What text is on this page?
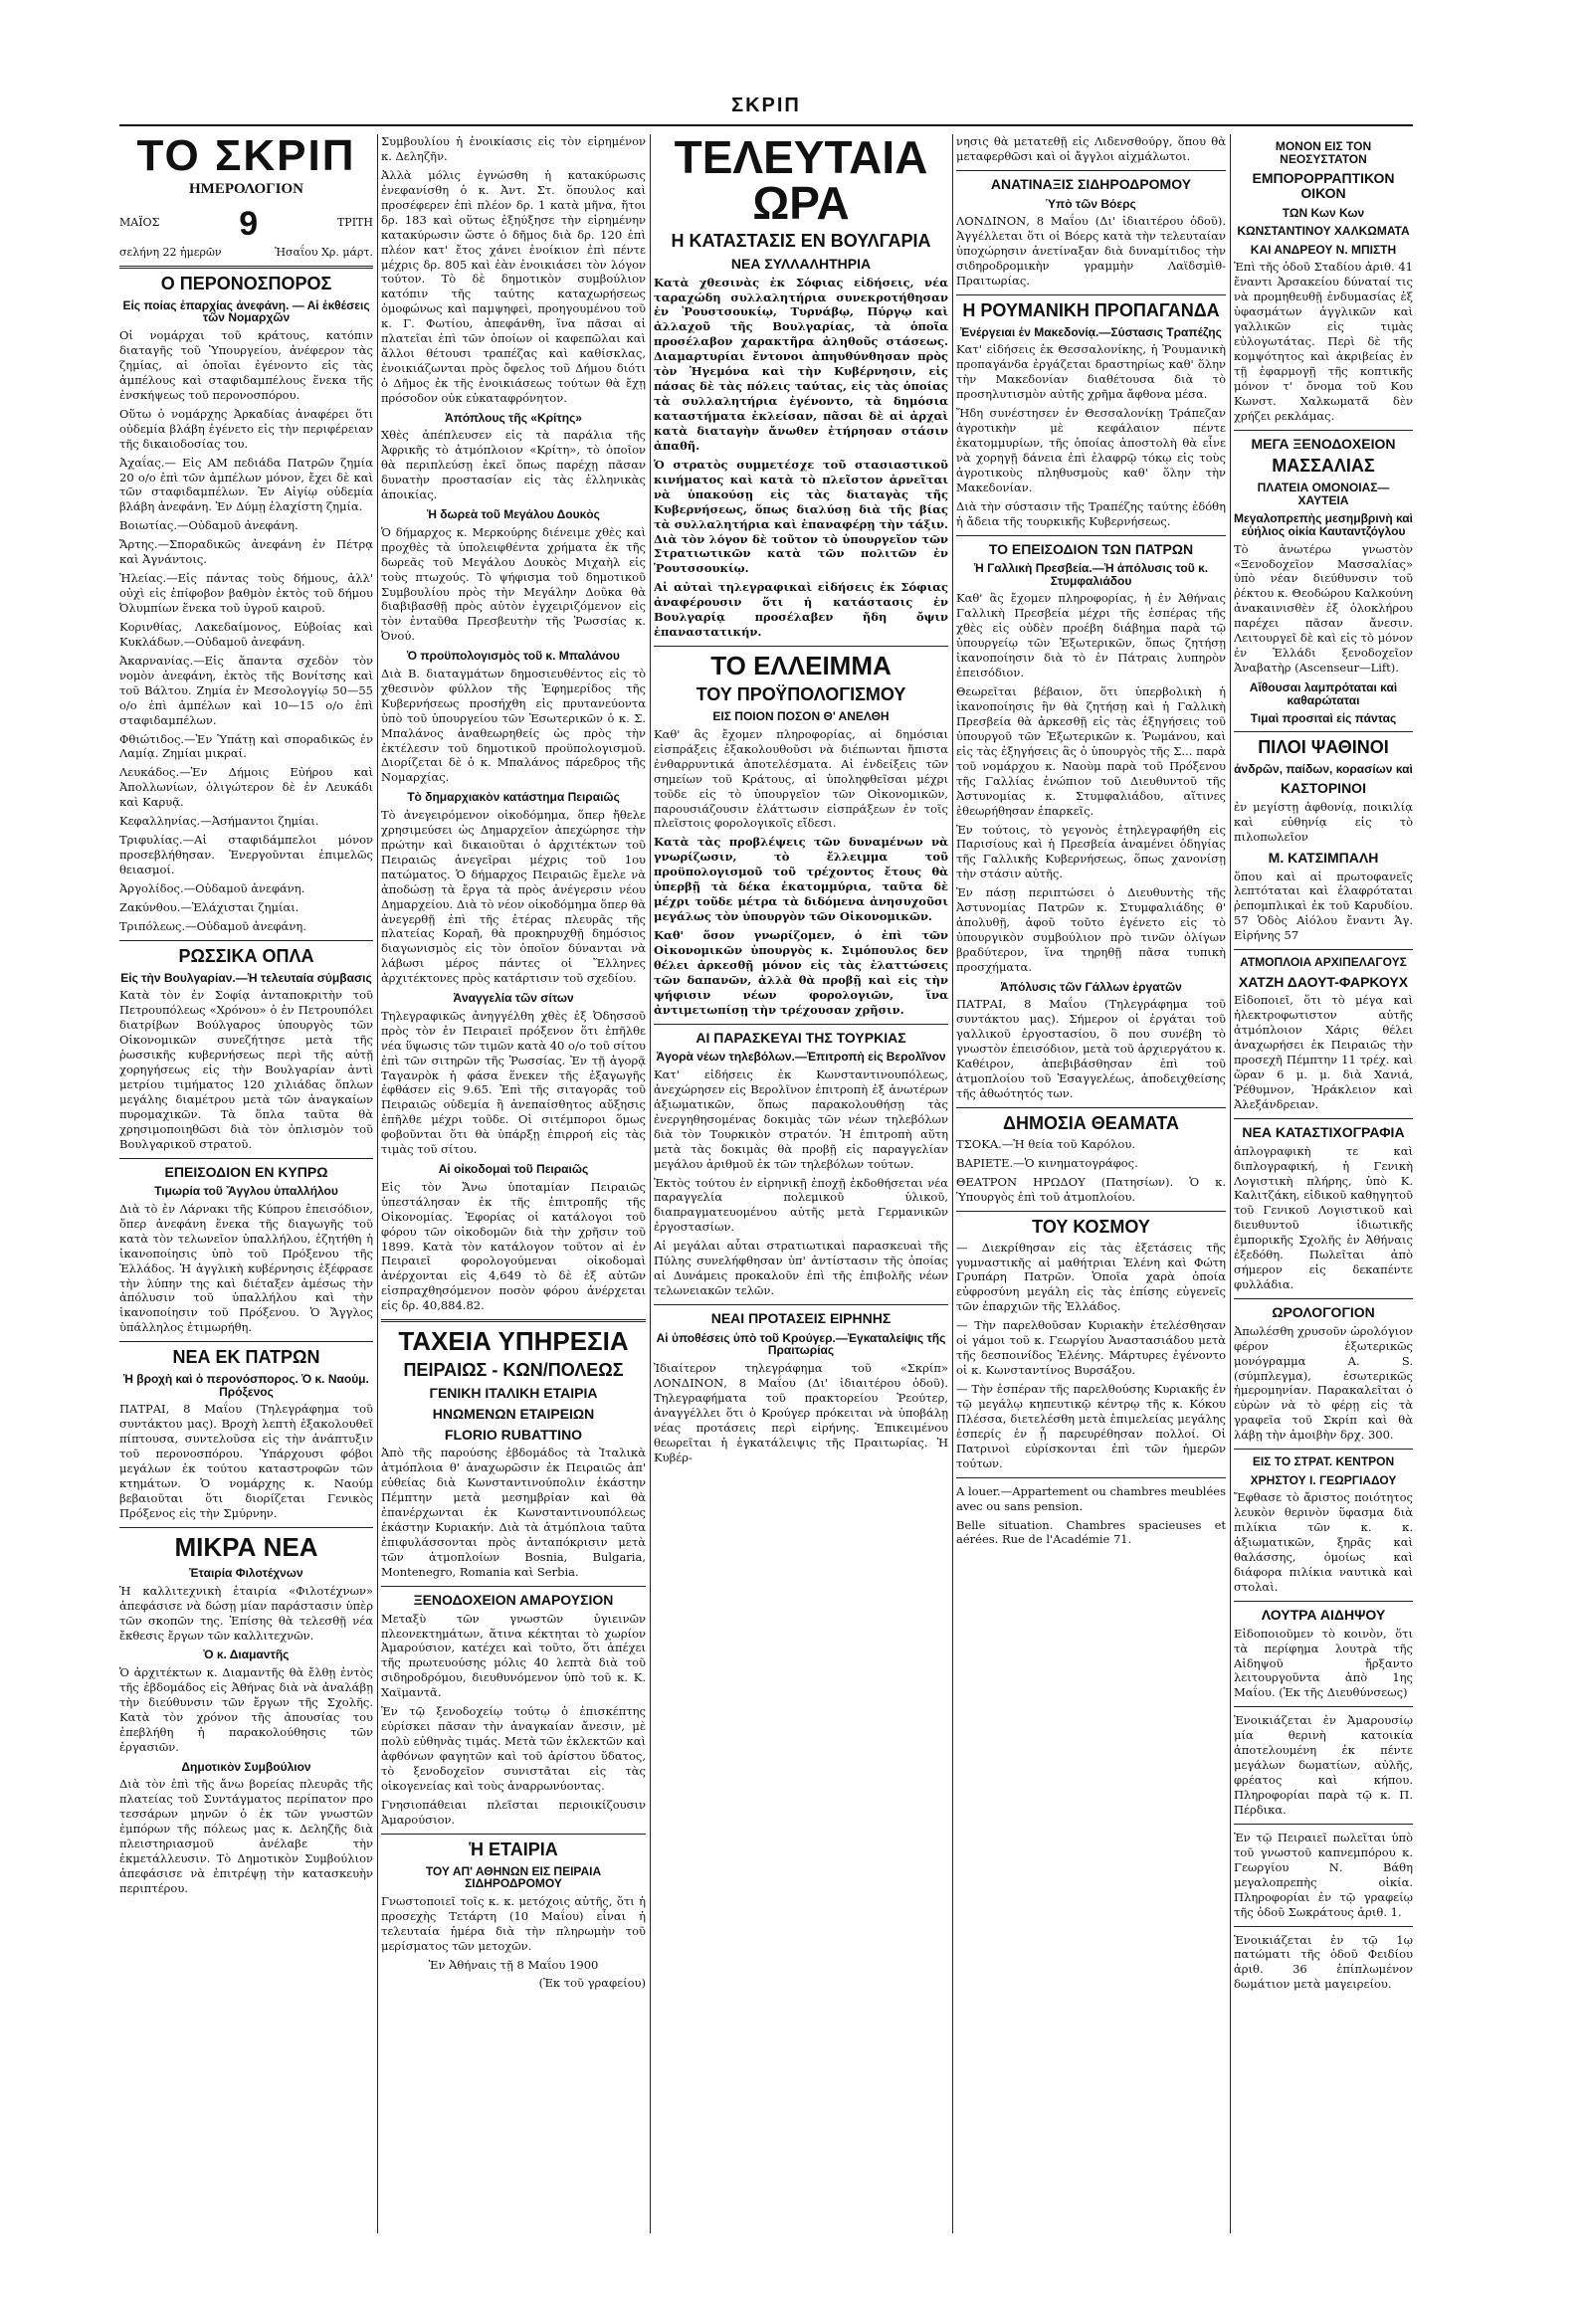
ΣΚΡΙΠ
ΤΟ ΣΚΡΙΠ
ΗΜΕΡΟΛΟΓΙΟΝ
ΜΑΪΟΣ 9	ΤΡΙΤΗ
σελήνη 22 ἡμερῶν	Ἡσαΐου Χρ. μάρτ.
Ο ΠΕΡΟΝΟΣΠΟΡΟΣ
Εἰς ποίας ἐπαρχίας ἀνεφάνη. — Αἱ ἐκθέσεις τῶν Νομαρχῶν

Οἱ νομάρχαι τοῦ κράτους, κατόπιν διαταγῆς τοῦ Ὑπουργείου, ἀνέφερον τὰς ζημίας, αἱ ὁποῖαι ἐγένοντο εἰς τὰς ἀμπέλους καὶ σταφιδαμπέλους ἕνεκα τῆς ἐνσκήψεως τοῦ περονοσπόρου.

Οὕτω ὁ νομάρχης Ἀρκαδίας ἀναφέρει ὅτι οὐδεμία βλάβη ἐγένετο εἰς τὴν περιφέρειαν τῆς δικαιοδοσίας του.

Ἀχαΐας.— Εἰς ΑΜ πεδιάδα Πατρῶν ζημία 20 ο/ο ἐπὶ τῶν ἀμπέλων μόνον, ἔχει δὲ καὶ τῶν σταφιδαμπέλων. Ἐν Αἰγίῳ οὐδεμία βλάβη ἀνεφάνη. Ἐν Δύμῃ ἐλαχίστη ζημία.

Βοιωτίας.—Οὐδαμοῦ ἀνεφάνη.

Ἄρτης.—Σποραδικῶς ἀνεφάνη ἐν Πέτρᾳ καὶ Ἀγνάντοις.

Ἠλείας.—Εἰς πάντας τοὺς δήμους, ἀλλ' οὐχὶ εἰς ἐπίφοβον βαθμὸν ἐκτὸς τοῦ δήμου Ὀλυμπίων ἕνεκα τοῦ ὑγροῦ καιροῦ.

Κορινθίας, Λακεδαίμονος, Εὐβοίας καὶ Κυκλάδων.—Οὐδαμοῦ ἀνεφάνη.

Ἀκαρνανίας.—Εἰς ἅπαντα σχεδὸν τὸν νομὸν ἀνεφάνη, ἐκτὸς τῆς Βονίτσης καὶ τοῦ Βάλτου. Ζημία ἐν Μεσολογγίῳ 50—55 ο/ο ἐπὶ ἀμπέλων καὶ 10—15 ο/ο ἐπὶ σταφιδαμπέλων.

Φθιώτιδος.—Ἐν Ὑπάτῃ καὶ σποραδικῶς ἐν Λαμίᾳ. Ζημίαι μικραί.

Λευκάδος.—Ἐν Δήμοις Εὐήρου καὶ Ἀπολλωνίων, ὀλιγώτερον δὲ ἐν Λευκάδι καὶ Καρυᾷ.

Κεφαλληνίας.—Ἀσήμαντοι ζημίαι.

Τριφυλίας.—Αἱ σταφιδάμπελοι μόνον προσεβλήθησαν. Ἐνεργοῦνται ἐπιμελῶς θειασμοί.

Ἀργολίδος.—Οὐδαμοῦ ἀνεφάνη.

Ζακύνθου.—Ἐλάχισται ζημίαι.

Τριπόλεως.—Οὐδαμοῦ ἀνεφάνη.

ΡΩΣΣΙΚΑ ΟΠΛΑ
Εἰς τὴν Βουλγαρίαν.—Ἡ τελευταία σύμβασις

Κατὰ τὸν ἐν Σοφίᾳ ἀνταποκριτὴν τοῦ Πετρουπόλεως «Χρόνου» ὁ ἐν Πετρουπόλει διατρίβων Βούλγαρος ὑπουργὸς τῶν Οἰκονομικῶν συνεζήτησε μετὰ τῆς ῥωσσικῆς κυβερνήσεως περὶ τῆς αὐτῇ χορηγήσεως εἰς τὴν Βουλγαρίαν ἀντὶ μετρίου τιμήματος 120 χιλιάδας ὅπλων μεγάλης διαμέτρου μετὰ τῶν ἀναγκαίων πυρομαχικῶν. Τὰ ὅπλα ταῦτα θὰ χρησιμοποιηθῶσι διὰ τὸν ὁπλισμὸν τοῦ Βουλγαρικοῦ στρατοῦ.

ΕΠΕΙΣΟΔΙΟΝ ΕΝ ΚΥΠΡΩ
Τιμωρία τοῦ Ἄγγλου ὑπαλλήλου

Διὰ τὸ ἐν Λάρνακι τῆς Κύπρου ἐπεισόδιον, ὅπερ ἀνεφάνη ἕνεκα τῆς διαγωγῆς τοῦ κατὰ τὸν τελωνεῖον ὑπαλλήλου, ἐζητήθη ἡ ἱκανοποίησις ὑπὸ τοῦ Πρόξενου τῆς Ἑλλάδος. Ἡ ἀγγλικὴ κυβέρνησις ἐξέφρασε τὴν λύπην της καὶ διέταξεν ἀμέσως τὴν ἀπόλυσιν τοῦ ὑπαλλήλου καὶ τὴν ἱκανοποίησιν τοῦ Πρόξενου. Ὁ Ἄγγλος ὑπάλληλος ἐτιμωρήθη.

ΝΕΑ ΕΚ ΠΑΤΡΩΝ
Ἡ βροχὴ καὶ ὁ περονόσπορος. Ὁ κ. Ναούμ. Πρόξενος

ΠΑΤΡΑΙ, 8 Μαΐου (Τηλεγράφημα τοῦ συντάκτου μας). Βροχὴ λεπτὴ ἐξακολουθεῖ πίπτουσα, συντελοῦσα εἰς τὴν ἀνάπτυξιν τοῦ περονοσπόρου. Ὑπάρχουσι φόβοι μεγάλων ἐκ τούτου καταστροφῶν τῶν κτημάτων. Ὁ νομάρχης κ. Ναούμ βεβαιοῦται ὅτι διορίζεται Γενικὸς Πρόξενος εἰς τὴν Σμύρνην.

ΜΙΚΡΑ ΝΕΑ
Ἑταιρία Φιλοτέχνων

Ἡ καλλιτεχνικὴ ἑταιρία «Φιλοτέχνων» ἀπεφάσισε νὰ δώσῃ μίαν παράστασιν ὑπὲρ τῶν σκοπῶν της. Ἐπίσης θὰ τελεσθῇ νέα ἔκθεσις ἔργων τῶν καλλιτεχνῶν.

Ὁ κ. Διαμαντῆς

Ὁ ἀρχιτέκτων κ. Διαμαντῆς θὰ ἔλθῃ ἐντὸς τῆς ἑβδομάδος εἰς Ἀθήνας διὰ νὰ ἀναλάβῃ τὴν διεύθυνσιν τῶν ἔργων τῆς Σχολῆς. Κατὰ τὸν χρόνον τῆς ἀπουσίας του ἐπεβλήθη ἡ παρακολούθησις τῶν ἐργασιῶν.

Δημοτικὸν Συμβούλιον

Διὰ τὸν ἐπὶ τῆς ἄνω βορείας πλευρᾶς τῆς πλατείας τοῦ Συντάγματος περίπατον προ τεσσάρων μηνῶν ὁ ἐκ τῶν γνωστῶν ἐμπόρων τῆς πόλεως μας κ. Δεληζῆς διὰ πλειστηριασμοῦ ἀνέλαβε τὴν ἐκμετάλλευσιν. Τὸ Δημοτικὸν Συμβούλιον ἀπεφάσισε νὰ ἐπιτρέψῃ τὴν κατασκευὴν περιπτέρου.

Συμβουλίου ἡ ἐνοικίασις εἰς τὸν εἰρημένον κ. Δεληζῆν.

Ἀλλὰ μόλις ἐγνώσθη ἡ κατακύρωσις ἐνεφανίσθη ὁ κ. Ἀντ. Στ. ὅπουλος καὶ προσέφερεν ἐπὶ πλέον δρ. 1 κατὰ μῆνα, ἤτοι δρ. 183 καὶ οὕτως ἐξηύξησε τὴν εἰρημένην κατακύρωσιν ὥστε ὁ δῆμος διὰ δρ. 120 ἐπὶ πλέον κατ' ἔτος χάνει ἐνοίκιον ἐπὶ πέντε μέχρις δρ. 805 καὶ ἐὰν ἐνοικιάσει τὸν λόγον τούτον. Τὸ δὲ δημοτικὸν συμβούλιον κατόπιν τῆς ταύτης καταχωρήσεως ὁμοφώνως καὶ παμψηφεὶ, προηγουμένου τοῦ κ. Γ. Φωτίου, ἀπεφάνθη, ἵνα πᾶσαι αἱ πλατεῖαι ἐπὶ τῶν ὁποίων οἱ καφεπῶλαι καὶ ἄλλοι θέτουσι τραπέζας καὶ καθίσκλας, ἐνοικιάζωνται πρὸς ὄφελος τοῦ Δήμου διότι ὁ Δῆμος ἐκ τῆς ἐνοικιάσεως τούτων θὰ ἔχῃ πρόσοδον οὐκ εὐκαταφρόνητον.

Ἀπόπλους τῆς «Κρίτης»

Χθὲς ἀπέπλευσεν εἰς τὰ παράλια τῆς Ἀφρικῆς τὸ ἀτμόπλοιον «Κρίτη», τὸ ὁποῖον θὰ περιπλεύσῃ ἐκεῖ ὅπως παρέχῃ πᾶσαν δυνατὴν προστασίαν εἰς τὰς ἑλληνικὰς ἀποικίας.

Ἡ δωρεὰ τοῦ Μεγάλου Δουκὸς

Ὁ δήμαρχος κ. Μερκούρης διένειμε χθὲς καὶ προχθὲς τὰ ὑπολειφθέντα χρήματα ἐκ τῆς δωρεᾶς τοῦ Μεγάλου Δουκὸς Μιχαὴλ εἰς τοὺς πτωχούς. Τὸ ψήφισμα τοῦ δημοτικοῦ Συμβουλίου πρὸς τὴν Μεγάλην Δοῦκα θὰ διαβιβασθῇ πρὸς αὐτὸν ἐγχειριζόμενον εἰς τὸν ἐνταῦθα Πρεσβευτὴν τῆς Ῥωσσίας κ. Ὀνού.

Ὁ προϋπολογισμὸς τοῦ κ. Μπαλάνου

Διὰ Β. διαταγμάτων δημοσιευθέντος εἰς τὸ χθεσινὸν φύλλον τῆς Ἐφημερίδος τῆς Κυβερνήσεως προσήχθη εἰς πρυτανεύοντα ὑπὸ τοῦ ὑπουργείου τῶν Ἐσωτερικῶν ὁ κ. Σ. Μπαλάνος ἀναθεωρηθείς ὡς πρὸς τὴν ἐκτέλεσιν τοῦ δημοτικοῦ προϋπολογισμοῦ. Διορίζεται δὲ ὁ κ. Μπαλάνος πάρεδρος τῆς Νομαρχίας.

Τὸ δημαρχιακὸν κατάστημα Πειραιῶς

Τὸ ἀνεγειρόμενον οἰκοδόμημα, ὅπερ ἤθελε χρησιμεύσει ὡς Δημαρχεῖον ἀπεχώρησε τὴν πρώτην καὶ δικαιοῦται ὁ ἀρχιτέκτων τοῦ Πειραιῶς ἀνεγεῖραι μέχρις τοῦ 1ου πατώματος. Ὁ δήμαρχος Πειραιῶς ἔμελε νὰ ἀποδώσῃ τὰ ἔργα τὰ πρὸς ἀνέγερσιν νέου Δημαρχείου. Διὰ τὸ νέον οἰκοδόμημα ὅπερ θὰ ἀνεγερθῇ ἐπὶ τῆς ἐτέρας πλευρᾶς τῆς πλατείας Κοραῆ, θὰ προκηρυχθῇ δημόσιος διαγωνισμὸς εἰς τὸν ὁποῖον δύνανται νὰ λάβωσι μέρος πάντες οἱ Ἕλληνες ἀρχιτέκτονες πρὸς κατάρτισιν τοῦ σχεδίου.

Ἀναγγελία τῶν σίτων

Τηλεγραφικῶς ἀνηγγέλθη χθὲς ἐξ Ὀδησσοῦ πρὸς τὸν ἐν Πειραιεῖ πρόξενον ὅτι ἐπῆλθε νέα ὕψωσις τῶν τιμῶν κατὰ 40 ο/ο τοῦ σίτου ἐπὶ τῶν σιτηρῶν τῆς Ῥωσσίας. Ἐν τῇ ἀγορᾷ Ταγανρὸκ ἡ φάσα ἕνεκεν τῆς ἐξαγωγῆς ἐφθάσεν εἰς 9.65. Ἐπὶ τῆς σιταγορᾶς τοῦ Πειραιῶς οὐδεμία ἢ ἀνεπαίσθητος αὔξησις ἐπῆλθε μέχρι τοῦδε. Οἱ σιτέμποροι ὅμως φοβοῦνται ὅτι θὰ ὑπάρξῃ ἐπιρροή εἰς τὰς τιμὰς τοῦ σίτου.

Αἱ οἰκοδομαὶ τοῦ Πειραιῶς

Εἰς τὸν Ἄνω ὑποταμίαν Πειραιῶς ὑπεστάλησαν ἐκ τῆς ἐπιτροπῆς τῆς Οἰκονομίας. Ἐφορίας οἱ κατάλογοι τοῦ φόρου τῶν οἰκοδομῶν διὰ τὴν χρῆσιν τοῦ 1899. Κατὰ τὸν κατάλογον τοῦτον αἱ ἐν Πειραιεῖ φορολογούμεναι οἰκοδομαὶ ἀνέρχονται εἰς 4,649 τὸ δὲ ἐξ αὐτῶν εἰσπραχθησόμενον ποσὸν φόρου ἀνέρχεται εἰς δρ. 40,884.82.

ΤΑΧΕΙΑ ΥΠΗΡΕΣΙΑ
ΠΕΙΡΑΙΩΣ - ΚΩΝ/ΠΟΛΕΩΣ
ΓΕΝΙΚΗ ΙΤΑΛΙΚΗ ΕΤΑΙΡΙΑ
ΗΝΩΜΕΝΩΝ ΕΤΑΙΡΕΙΩΝ
FLORIO RUBATTINO

Ἀπὸ τῆς παρούσης ἑβδομάδος τὰ Ἰταλικὰ ἀτμόπλοια θ' ἀναχωρῶσιν ἐκ Πειραιῶς ἀπ' εὐθείας διὰ Κωνσταντινούπολιν ἑκάστην Πέμπτην μετὰ μεσημβρίαν καὶ θὰ ἐπανέρχωνται ἐκ Κωνσταντινουπόλεως ἑκάστην Κυριακήν. Διὰ τὰ ἀτμόπλοια ταῦτα ἐπιφυλάσσονται πρὸς ἀνταπόκρισιν μετὰ τῶν ἀτμοπλοίων Bosnia, Bulgaria, Montenegro, Romania καὶ Serbia.

ΞΕΝΟΔΟΧΕΙΟΝ ΑΜΑΡΟΥΣΙΟΝ

Μεταξὺ τῶν γνωστῶν ὑγιεινῶν πλεονεκτημάτων, ἅτινα κέκτηται τὸ χωρίον Ἀμαρούσιον, κατέχει καὶ τοῦτο, ὅτι ἀπέχει τῆς πρωτευούσης μόλις 40 λεπτὰ διὰ τοῦ σιδηροδρόμου, διευθυνόμενον ὑπὸ τοῦ κ. Κ. Χαϊμαντᾶ.

Ἐν τῷ ξενοδοχείῳ τούτῳ ὁ ἐπισκέπτης εὑρίσκει πᾶσαν τὴν ἀναγκαίαν ἄνεσιν, μὲ πολὺ εὐθηνὰς τιμάς. Μετὰ τῶν ἐκλεκτῶν καὶ ἀφθόνων φαγητῶν καὶ τοῦ ἀρίστου ὕδατος, τὸ ξενοδοχεῖον συνιστᾶται εἰς τὰς οἰκογενείας καὶ τοὺς ἀναρρωνύοντας.

Γνησιοπάθειαι πλεῖσται περιοικίζουσιν Ἀμαρούσιον.

Ἡ ΕΤΑΙΡΙΑ
ΤΟΥ ΑΠ' ΑΘΗΝΩΝ ΕΙΣ ΠΕΙΡΑΙΑ ΣΙΔΗΡΟΔΡΟΜΟΥ

Γνωστοποιεῖ τοῖς κ. κ. μετόχοις αὐτῆς, ὅτι ἡ προσεχὴς Τετάρτη (10 Μαΐου) εἶναι ἡ τελευταία ἡμέρα διὰ τὴν πληρωμὴν τοῦ μερίσματος τῶν μετοχῶν.

Ἐν Ἀθήναις τῇ 8 Μαΐου 1900

(Ἐκ τοῦ γραφείου)

ΤΕΛΕΥΤΑΙΑ ΩΡΑ
Η ΚΑΤΑΣΤΑΣΙΣ ΕΝ ΒΟΥΛΓΑΡΙΑ
ΝΕΑ ΣΥΛΛΑΛΗΤΗΡΙΑ

Κατὰ χθεσινὰς ἐκ Σόφιας εἰδήσεις, νέα ταραχώδη συλλαλητήρια συνεκροτήθησαν ἐν Ῥουστσουκίῳ, Τυρνάβῳ, Πύργῳ καὶ ἀλλαχοῦ τῆς Βουλγαρίας, τὰ ὁποῖα προσέλαβον χαρακτῆρα ἀληθοῦς στάσεως. Διαμαρτυρίαι ἔντονοι ἀπηυθύνθησαν πρὸς τὸν Ἡγεμόνα καὶ τὴν Κυβέρνησιν, εἰς πάσας δὲ τὰς πόλεις ταύτας, εἰς τὰς ὁποίας τὰ συλλαλητήρια ἐγένοντο, τὰ δημόσια καταστήματα ἐκλείσαν, πᾶσαι δὲ αἱ ἀρχαὶ κατὰ διαταγὴν ἄνωθεν ἐτήρησαν στάσιν ἀπαθῆ.

Ὁ στρατὸς συμμετέσχε τοῦ στασιαστικοῦ κινήματος καὶ κατὰ τὸ πλεῖστον ἀρνεῖται νὰ ὑπακούσῃ εἰς τὰς διαταγὰς τῆς Κυβερνήσεως, ὅπως διαλύσῃ διὰ τῆς βίας τὰ συλλαλητήρια καὶ ἐπαναφέρῃ τὴν τάξιν. Διὰ τὸν λόγον δὲ τοῦτον τὸ ὑπουργεῖον τῶν Στρατιωτικῶν κατὰ τῶν πολιτῶν ἐν Ῥουτσσουκίῳ.

Αἱ αὐταὶ τηλεγραφικαὶ εἰδήσεις ἐκ Σόφιας ἀναφέρουσιν ὅτι ἡ κατάστασις ἐν Βουλγαρίᾳ προσέλαβεν ἤδη ὄψιν ἐπαναστατικήν.

ΤΟ ΕΛΛΕΙΜΜΑ
ΤΟΥ ΠΡΟΫΠΟΛΟΓΙΣΜΟΥ
ΕΙΣ ΠΟΙΟΝ ΠΟΣΟΝ Θ' ΑΝΕΛΘΗ

Καθ' ἃς ἔχομεν πληροφορίας, αἱ δημόσιαι εἰσπράξεις ἐξακολουθοῦσι νὰ διέπωνται ἤπιστα ἐνθαρρυντικά ἀποτελέσματα. Αἱ ἐνδείξεις τῶν σημείων τοῦ Κράτους, αἱ ὑποληφθεῖσαι μέχρι τοῦδε εἰς τὸ ὑπουργεῖον τῶν Οἰκονομικῶν, παρουσιάζουσιν ἐλάττωσιν εἰσπράξεων ἐν τοῖς πλεῖστοις φορολογικοῖς εἴδεσι.

Κατὰ τὰς προβλέψεις τῶν δυναμένων νὰ γνωρίζωσιν, τὸ ἔλλειμμα τοῦ προϋπολογισμοῦ τοῦ τρέχοντος ἔτους θὰ ὑπερβῇ τὰ δέκα ἑκατομμύρια, ταῦτα δὲ μέχρι τοῦδε μέτρα τὰ διδόμενα ἀνησυχοῦσι μεγάλως τὸν ὑπουργὸν τῶν Οἰκονομικῶν.

Καθ' ὅσον γνωρίζομεν, ὁ ἐπὶ τῶν Οἰκονομικῶν ὑπουργὸς κ. Σιμόπουλος δεν θέλει ἀρκεσθῇ μόνον εἰς τὰς ἐλαττώσεις τῶν δαπανῶν, ἀλλὰ θὰ προβῇ καὶ εἰς τὴν ψήφισιν νέων φορολογιῶν, ἵνα ἀντιμετωπίσῃ τὴν τρέχουσαν χρῆσιν.

ΑΙ ΠΑΡΑΣΚΕΥΑΙ ΤΗΣ ΤΟΥΡΚΙΑΣ
Ἀγορὰ νέων τηλεβόλων.—Ἐπιτροπὴ εἰς Βερολῖνον

Κατ' εἰδήσεις ἐκ Κωνσταντινουπόλεως, ἀνεχώρησεν εἰς Βερολῖνον ἐπιτροπὴ ἐξ ἀνωτέρων ἀξιωματικῶν, ὅπως παρακολουθήσῃ τὰς ἐνεργηθησομένας δοκιμὰς τῶν νέων τηλεβόλων διὰ τὸν Τουρκικὸν στρατόν. Ἡ ἐπιτροπὴ αὕτη μετὰ τὰς δοκιμὰς θὰ προβῇ εἰς παραγγελίαν μεγάλου ἀριθμοῦ ἐκ τῶν τηλεβόλων τούτων.

Ἐκτὸς τούτου ἐν εἰρηνικῇ ἐποχῇ ἐκδοθήσεται νέα παραγγελία πολεμικοῦ ὑλικοῦ, διαπραγματευομένου αὐτῆς μετὰ Γερμανικῶν ἐργοστασίων.

Αἱ μεγάλαι αὗται στρατιωτικαὶ παρασκευαὶ τῆς Πύλης συνελήφθησαν ὑπ' ἀντίστασιν τῆς ὁποίας αἱ Δυνάμεις προκαλοῦν ἐπὶ τῆς ἐπιβολῆς νέων τελωνειακῶν τελῶν.

ΝΕΑΙ ΠΡΟΤΑΣΕΙΣ ΕΙΡΗΝΗΣ
Αἱ ὑποθέσεις ὑπὸ τοῦ Κρούγερ.—Ἐγκαταλείψις τῆς Πραιτωρίας

Ἰδιαίτερον τηλεγράφημα τοῦ «Σκρίπ» ΛΟΝΔΙΝΟΝ, 8 Μαΐου (Δι' ἰδιαιτέρου ὁδοῦ). Τηλεγραφήματα τοῦ πρακτορείου Ῥεούτερ, ἀναγγέλλει ὅτι ὁ Κρούγερ πρόκειται νὰ ὑποβάλῃ νέας προτάσεις περὶ εἰρήνης. Ἐπικειμένου θεωρεῖται ἡ ἐγκατάλειψις τῆς Πραιτωρίας. Ἡ Κυβέρ-

νησις θὰ μετατεθῇ εἰς Λιδενσθούργ, ὅπου θὰ μεταφερθῶσι καὶ οἱ ἄγγλοι αἰχμάλωτοι.

ΑΝΑΤΙΝΑΞΙΣ ΣΙΔΗΡΟΔΡΟΜΟΥ
Ὑπὸ τῶν Βόερς

ΛΟΝΔΙΝΟΝ, 8 Μαΐου (Δι' ἰδιαιτέρου ὁδοῦ). Ἀγγέλλεται ὅτι οἱ Βόερς κατὰ τὴν τελευταίαν ὑποχώρησιν ἀνετίναξαν διὰ δυναμίτιδος τὴν σιδηροδρομικὴν γραμμὴν Λαϊδσμὶθ-Πραιτωρίας.

Η ΡΟΥΜΑΝΙΚΗ ΠΡΟΠΑΓΑΝΔΑ
Ἐνέργειαι ἐν Μακεδονίᾳ.—Σύστασις Τραπέζης

Κατ' εἰδήσεις ἐκ Θεσσαλονίκης, ἡ Ῥουμανικὴ προπαγάνδα ἐργάζεται δραστηρίως καθ' ὅλην τὴν Μακεδονίαν διαθέτουσα διὰ τὸ προσηλυτισμὸν αὐτῆς χρῆμα ἄφθονα μέσα.

Ἤδη συνέστησεν ἐν Θεσσαλονίκῃ Τράπεζαν ἀγροτικὴν μὲ κεφάλαιον πέντε ἑκατομμυρίων, τῆς ὁποίας ἀποστολὴ θὰ εἶνε νὰ χορηγῇ δάνεια ἐπὶ ἐλαφρῷ τόκῳ εἰς τοὺς ἀγροτικοὺς πληθυσμοὺς καθ' ὅλην τὴν Μακεδονίαν.

Διὰ τὴν σύστασιν τῆς Τραπέζης ταύτης ἐδόθη ἡ ἄδεια τῆς τουρκικῆς Κυβερνήσεως.

ΤΟ ΕΠΕΙΣΟΔΙΟΝ ΤΩΝ ΠΑΤΡΩΝ
Ἡ Γαλλικὴ Πρεσβεία.—Ἡ ἀπόλυσις τοῦ κ. Στυμφαλιάδου

Καθ' ἃς ἔχομεν πληροφορίας, ἡ ἐν Ἀθήναις Γαλλικὴ Πρεσβεία μέχρι τῆς ἑσπέρας τῆς χθὲς εἰς οὐδὲν προέβη διάβημα παρὰ τῷ ὑπουργείῳ τῶν Ἐξωτερικῶν, ὅπως ζητήσῃ ἱκανοποίησιν διὰ τὸ ἐν Πάτραις λυπηρὸν ἐπεισόδιον.

Θεωρεῖται βέβαιον, ὅτι ὑπερβολικὴ ἡ ἱκανοποίησις ἣν θὰ ζητήσῃ καὶ ἡ Γαλλικὴ Πρεσβεία θὰ ἀρκεσθῇ εἰς τὰς ἐξηγήσεις τοῦ ὑπουργοῦ τῶν Ἐξωτερικῶν κ. Ῥωμάνου, καὶ εἰς τὰς ἐξηγήσεις ἃς ὁ ὑπουργὸς τῆς Σ... παρὰ τοῦ νομάρχου κ. Ναοὺμ παρὰ τοῦ Πρόξενου τῆς Γαλλίας ἐνώπιον τοῦ Διευθυντοῦ τῆς Ἀστυνομίας κ. Στυμφαλιάδου, αἵτινες ἐθεωρήθησαν ἐπαρκεῖς.

Ἐν τούτοις, τὸ γεγονὸς ἐτηλεγραφήθη εἰς Παρισίους καὶ ἡ Πρεσβεία ἀναμένει ὁδηγίας τῆς Γαλλικῆς Κυβερνήσεως, ὅπως χανονίσῃ τὴν στάσιν αὐτῆς.

Ἐν πάσῃ περιπτώσει ὁ Διευθυντὴς τῆς Ἀστυνομίας Πατρῶν κ. Στυμφαλιάδης θ' ἀπολυθῇ, ἀφοῦ τοῦτο ἐγένετο εἰς τὸ ὑπουργικὸν συμβούλιον πρὸ τινῶν ὀλίγων βραδύτερον, ἵνα τηρηθῇ πᾶσα τυπικὴ προσχήματα.

Ἀπόλυσις τῶν Γάλλων ἐργατῶν

ΠΑΤΡΑΙ, 8 Μαΐου (Τηλεγράφημα τοῦ συντάκτου μας). Σήμερον οἱ ἐργάται τοῦ γαλλικοῦ ἐργοστασίου, ὃ που συνέβη τὸ γνωστὸν ἐπεισόδιον, μετὰ τοῦ ἀρχιεργάτου κ. Καθέιρον, ἀπεβιβάσθησαν ἐπὶ τοῦ ἀτμοπλοίου τοῦ Ἐσαγγελέως, ἀποδειχθείσης τῆς ἀθωότητός των.

ΔΗΜΟΣΙΑ ΘΕΑΜΑΤΑ

ΤΣΟΚΑ.—Ἡ θεία τοῦ Καρόλου.

ΒΑΡΙΕΤΕ.—Ὁ κινηματογράφος.

ΘΕΑΤΡΟΝ ΗΡΩΔΟΥ (Πατησίων). Ὁ κ. Ὑπουργὸς ἐπὶ τοῦ ἀτμοπλοίου.

ΤΟΥ ΚΟΣΜΟΥ

— Διεκρίθησαν εἰς τὰς ἐξετάσεις τῆς γυμναστικῆς αἱ μαθήτριαι Ἑλένη καὶ Φώτη Γρυπάρη Πατρῶν. Ὁποῖα χαρὰ ὁποία εὐφροσύνη μεγάλη εἰς τὰς ἐπίσης εὐγενεῖς τῶν ἐπαρχιῶν τῆς Ἑλλάδος.

— Τὴν παρελθοῦσαν Κυριακὴν ἐτελέσθησαν οἱ γάμοι τοῦ κ. Γεωργίου Ἀναστασιάδου μετὰ τῆς δεσποινίδος Ἑλένης. Μάρτυρες ἐγένοντο οἱ κ. Κωνσταντίνος Βυρσάξου.

— Τὴν ἐσπέραν τῆς παρελθούσης Κυριακῆς ἐν τῷ μεγάλῳ κηπευτικῷ κέντρῳ τῆς κ. Κόκου Πλέσσα, διετελέσθη μετὰ ἐπιμελείας μεγάλης ἑσπερίς ἐν ᾗ παρευρέθησαν πολλοί. Οἱ Πατρινοὶ εὐρίσκονται ἐπὶ τῶν ἡμερῶν τούτων.

A louer.—Appartement ou chambres meublées avec ou sans pension.

Belle situation. Chambres spacieuses et aérées. Rue de l'Académie 71.

ΜΟΝΟΝ ΕΙΣ ΤΟΝ ΝΕΟΣΥΣΤΑΤΟΝ
ΕΜΠΟΡΟΡΡΑΠΤΙΚΟΝ ΟΙΚΟΝ
ΤΩΝ Κων Κων
ΚΩΝΣΤΑΝΤΙΝΟΥ ΧΑΛΚΩΜΑΤΑ
ΚΑΙ ΑΝΔΡΕΟΥ Ν. ΜΠΙΣΤΗ

Ἐπὶ τῆς ὁδοῦ Σταδίου ἀριθ. 41 ἔναντι Ἀρσακείου δύναταί τις νὰ προμηθευθῇ ἐνδυμασίας ἐξ ὑφασμάτων ἀγγλικῶν καὶ γαλλικῶν εἰς τιμὰς εὐλογωτάτας. Περὶ δὲ τῆς κομψότητος καὶ ἀκριβείας ἐν τῇ ἐφαρμογῇ τῆς κοπτικῆς μόνον τ' ὄνομα τοῦ Κου Κωνστ. Χαλκωματᾶ δὲν χρήζει ρεκλάμας.

ΜΕΓΑ ΞΕΝΟΔΟΧΕΙΟΝ
ΜΑΣΣΑΛΙΑΣ
ΠΛΑΤΕΙΑ ΟΜΟΝΟΙΑΣ—ΧΑΥΤΕΙΑ
Μεγαλοπρεπὴς μεσημβρινὴ καὶ εὐήλιος οἰκία Καυταντζόγλου

Τὸ ἀνωτέρω γνωστὸν «Ξενοδοχεῖον Μασσαλίας» ὑπὸ νέαν διεύθυνσιν τοῦ ῥέκτου κ. Θεοδώρου Καλκούνη ἀνακαινισθὲν ἐξ ὁλοκλήρου παρέχει πᾶσαν ἄνεσιν. Λειτουργεῖ δὲ καὶ εἰς τὸ μόνον ἐν Ἑλλάδι ξενοδοχεῖον Ἀναβατὴρ (Ascenseur—Lift).

Αἴθουσαι λαμπρόταται καὶ καθαρώταται
Τιμαὶ προσιταὶ εἰς πάντας
ΠΙΛΟΙ ΨΑΘΙΝΟΙ
ἀνδρῶν, παίδων, κορασίων καὶ
ΚΑΣΤΟΡΙΝΟΙ

ἐν μεγίστῃ ἀφθονίᾳ, ποικιλίᾳ καὶ εὐθηνίᾳ εἰς τὸ πιλοπωλεῖον

Μ. ΚΑΤΣΙΜΠΑΛΗ

ὅπου καὶ αἱ πρωτοφανεῖς λεπτόταται καὶ ἐλαφρόταται ῥεπομπλικαὶ ἐκ τοῦ Καρυδίου. 57 Ὁδὸς Αἰόλου ἔναντι Ἁγ. Εἰρήνης 57

ΑΤΜΟΠΛΟΙΑ ΑΡΧΙΠΕΛΑΓΟΥΣ
ΧΑΤΖΗ ΔΑΟΥΤ-ΦΑΡΚΟΥΧ

Εἰδοποιεῖ, ὅτι τὸ μέγα καὶ ἠλεκτροφωτιστον αὐτῆς ἀτμόπλοιον Χάρις θέλει ἀναχωρήσει ἐκ Πειραιῶς τὴν προσεχῆ Πέμπτην 11 τρέχ. καὶ ὥραν 6 μ. μ. διὰ Χανιά, Ῥέθυμνον, Ἡράκλειον καὶ Ἀλεξάνδρειαν.

ΝΕΑ ΚΑΤΑΣΤΙΧΟΓΡΑΦΙΑ

ἁπλογραφικὴ τε καὶ διπλογραφική, ἡ Γενικὴ Λογιστικὴ πλήρης, ὑπὸ Κ. Καλιτζάκη, εἰδικοῦ καθηγητοῦ τοῦ Γενικοῦ Λογιστικοῦ καὶ διευθυντοῦ ἰδιωτικῆς ἐμπορικῆς Σχολῆς ἐν Ἀθήναις ἐξεδόθη. Πωλεῖται ἀπὸ σήμερον εἰς δεκαπέντε φυλλάδια.

ΩΡΟΛΟΓΟΓΙΟΝ

Ἀπωλέσθη χρυσοῦν ὡρολόγιον φέρον ἐξωτερικῶς μονόγραμμα Α. S. (σύμπλεγμα), ἐσωτερικῶς ἡμερομηνίαν. Παρακαλεῖται ὁ εὑρὼν νὰ τὸ φέρῃ εἰς τὰ γραφεῖα τοῦ Σκρίπ καὶ θὰ λάβῃ τὴν ἀμοιβὴν δρχ. 300.

ΕΙΣ ΤΟ ΣΤΡΑΤ. ΚΕΝΤΡΟΝ
ΧΡΗΣΤΟΥ Ι. ΓΕΩΡΓΙΑΔΟΥ

Ἔφθασε τὸ ἄριστος ποιότητος λευκὸν θερινὸν ὕφασμα διὰ πιλίκια τῶν κ. κ. ἀξιωματικῶν, ξηρᾶς καὶ θαλάσσης, ὁμοίως καὶ διάφορα πιλίκια ναυτικὰ καὶ στολαὶ.

ΛΟΥΤΡΑ ΑΙΔΗΨΟΥ

Εἰδοποιοῦμεν τὸ κοινὸν, ὅτι τὰ περίφημα λουτρὰ τῆς Αἰδηψοῦ ἤρξαντο λειτουργοῦντα ἀπὸ 1ης Μαΐου. (Ἐκ τῆς Διευθύνσεως)

Ἐνοικιάζεται ἐν Ἀμαρουσίῳ μία θερινὴ κατοικία ἀποτελουμένη ἐκ πέντε μεγάλων δωματίων, αὐλῆς, φρέατος καὶ κήπου. Πληροφορίαι παρὰ τῷ κ. Π. Πέρδικα.

Ἐν τῷ Πειραιεῖ πωλεῖται ὑπὸ τοῦ γνωστοῦ καπνεμπόρου κ. Γεωργίου Ν. Βάθη μεγαλοπρεπὴς οἰκία. Πληροφορίαι ἐν τῷ γραφείῳ τῆς ὁδοῦ Σωκράτους ἀριθ. 1.

Ἐνοικιάζεται ἐν τῷ 1ῳ πατώματι τῆς ὁδοῦ Φειδίου ἀριθ. 36 ἐπίπλωμένον δωμάτιον μετὰ μαγειρείου.
